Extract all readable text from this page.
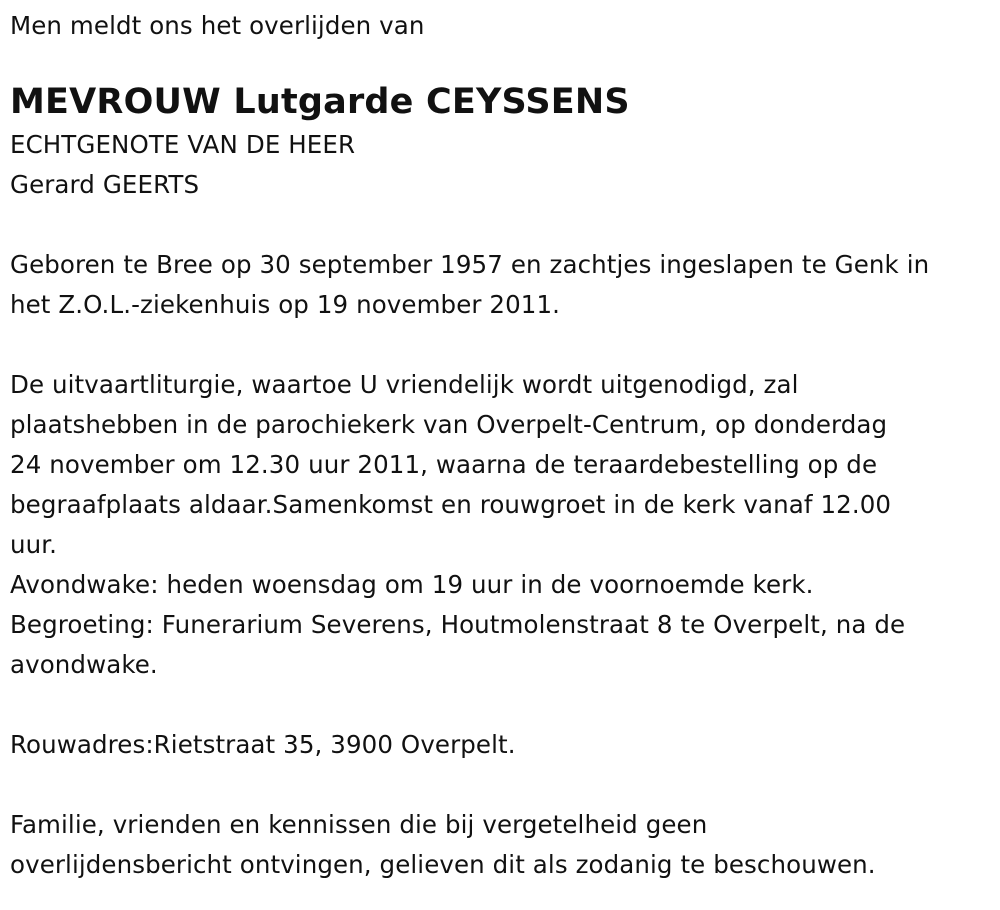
Men meldt ons het overlijden van
MEVROUW Lutgarde CEYSSENS
ECHTGENOTE VAN DE HEER
Gerard GEERTS
Geboren te Bree op 30 september 1957 en zachtjes ingeslapen te Genk in
het Z.O.L.-ziekenhuis op 19 november 2011.
De uitvaartliturgie, waartoe U vriendelijk wordt uitgenodigd, zal
plaatshebben in de parochiekerk van Overpelt-Centrum, op donderdag
24 november om 12.30 uur 2011, waarna de teraardebestelling op de
begraafplaats aldaar.Samenkomst en rouwgroet in de kerk vanaf 12.00
uur.
Avondwake: heden woensdag om 19 uur in de voornoemde kerk.
Begroeting: Funerarium Severens, Houtmolenstraat 8 te Overpelt, na de
avondwake.
Rouwadres:Rietstraat 35, 3900 Overpelt.
Familie, vrienden en kennissen die bij vergetelheid geen
overlijdensbericht ontvingen, gelieven dit als zodanig te beschouwen.
